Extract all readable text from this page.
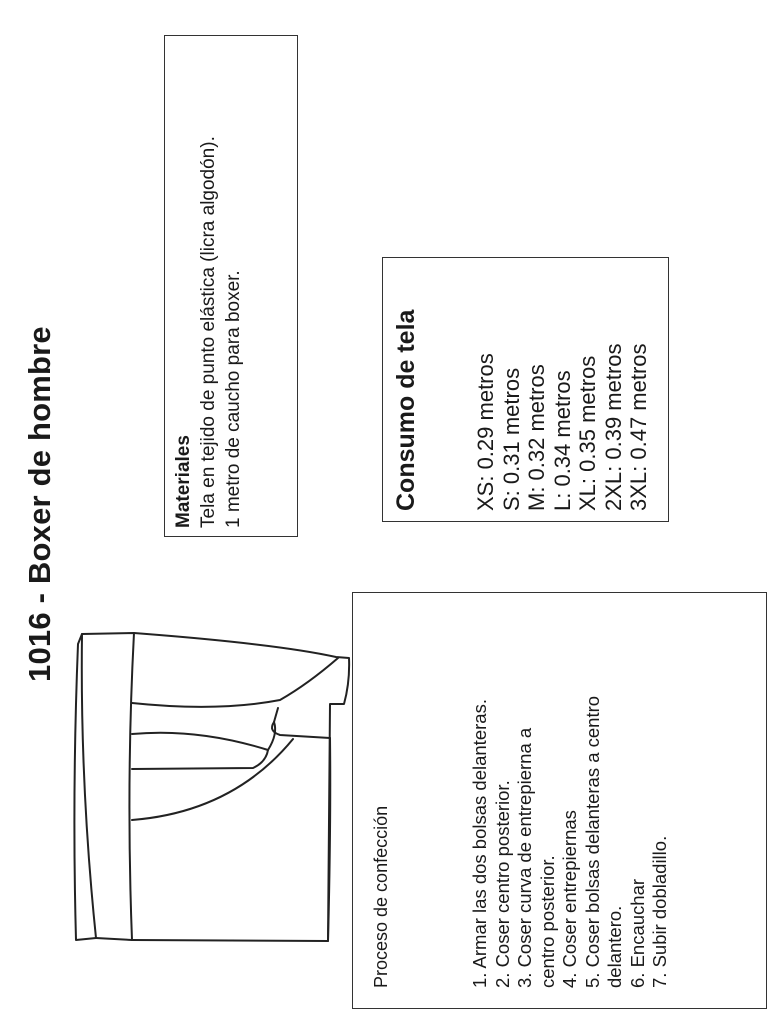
1016 - Boxer de hombre	Materiales Tela en tejido de punto elástica (licra algodón). 1 metro de caucho para boxer.	Consumo de tela XS: 0.29 metros S: 0.31 metros M: 0.32 metros L: 0.34 metros XL: 0.35 metros 2XL: 0.39 metros 3XL: 0.47 metros
Proceso de confección	1. Armar las dos bolsas delanteras. 2. Coser centro posterior. 3. Coser curva de entrepierna a centro posterior. 4. Coser entrepiernas 5. Coser bolsas delanteras a centro delantero. 6. Encauchar 7. Subir dobladillo.
